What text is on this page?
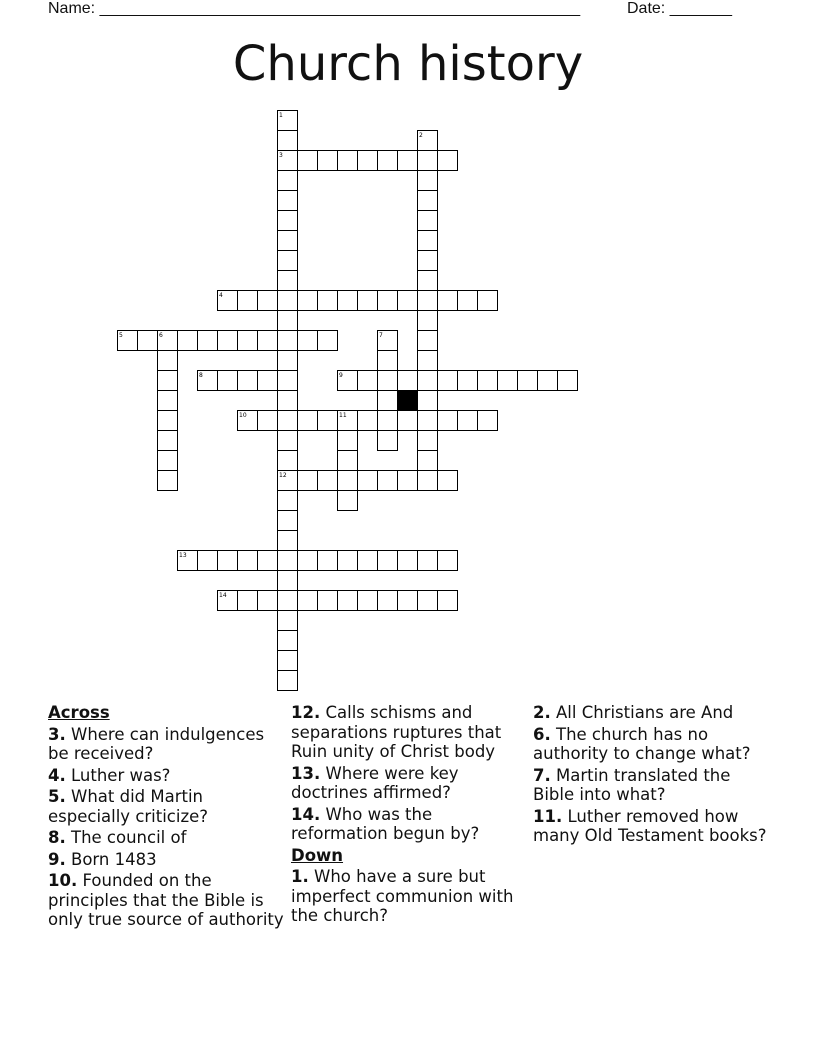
Name: ______________________________________________________	Date: _______
Church history
1
2
3
4
5	6	7
8	9
10	11
12
13
14
Across
3. Where can indulgences be received?
4. Luther was?
5. What did Martin especially criticize?
8. The council of
9. Born 1483
10. Founded on the principles that the Bible is only true source of authority
12. Calls schisms and separations ruptures that Ruin unity of Christ body
13. Where were key doctrines affirmed?
14. Who was the reformation begun by?
Down
1. Who have a sure but imperfect communion with the church?
2. All Christians are And
6. The church has no authority to change what?
7. Martin translated the Bible into what?
11. Luther removed how many Old Testament books?
